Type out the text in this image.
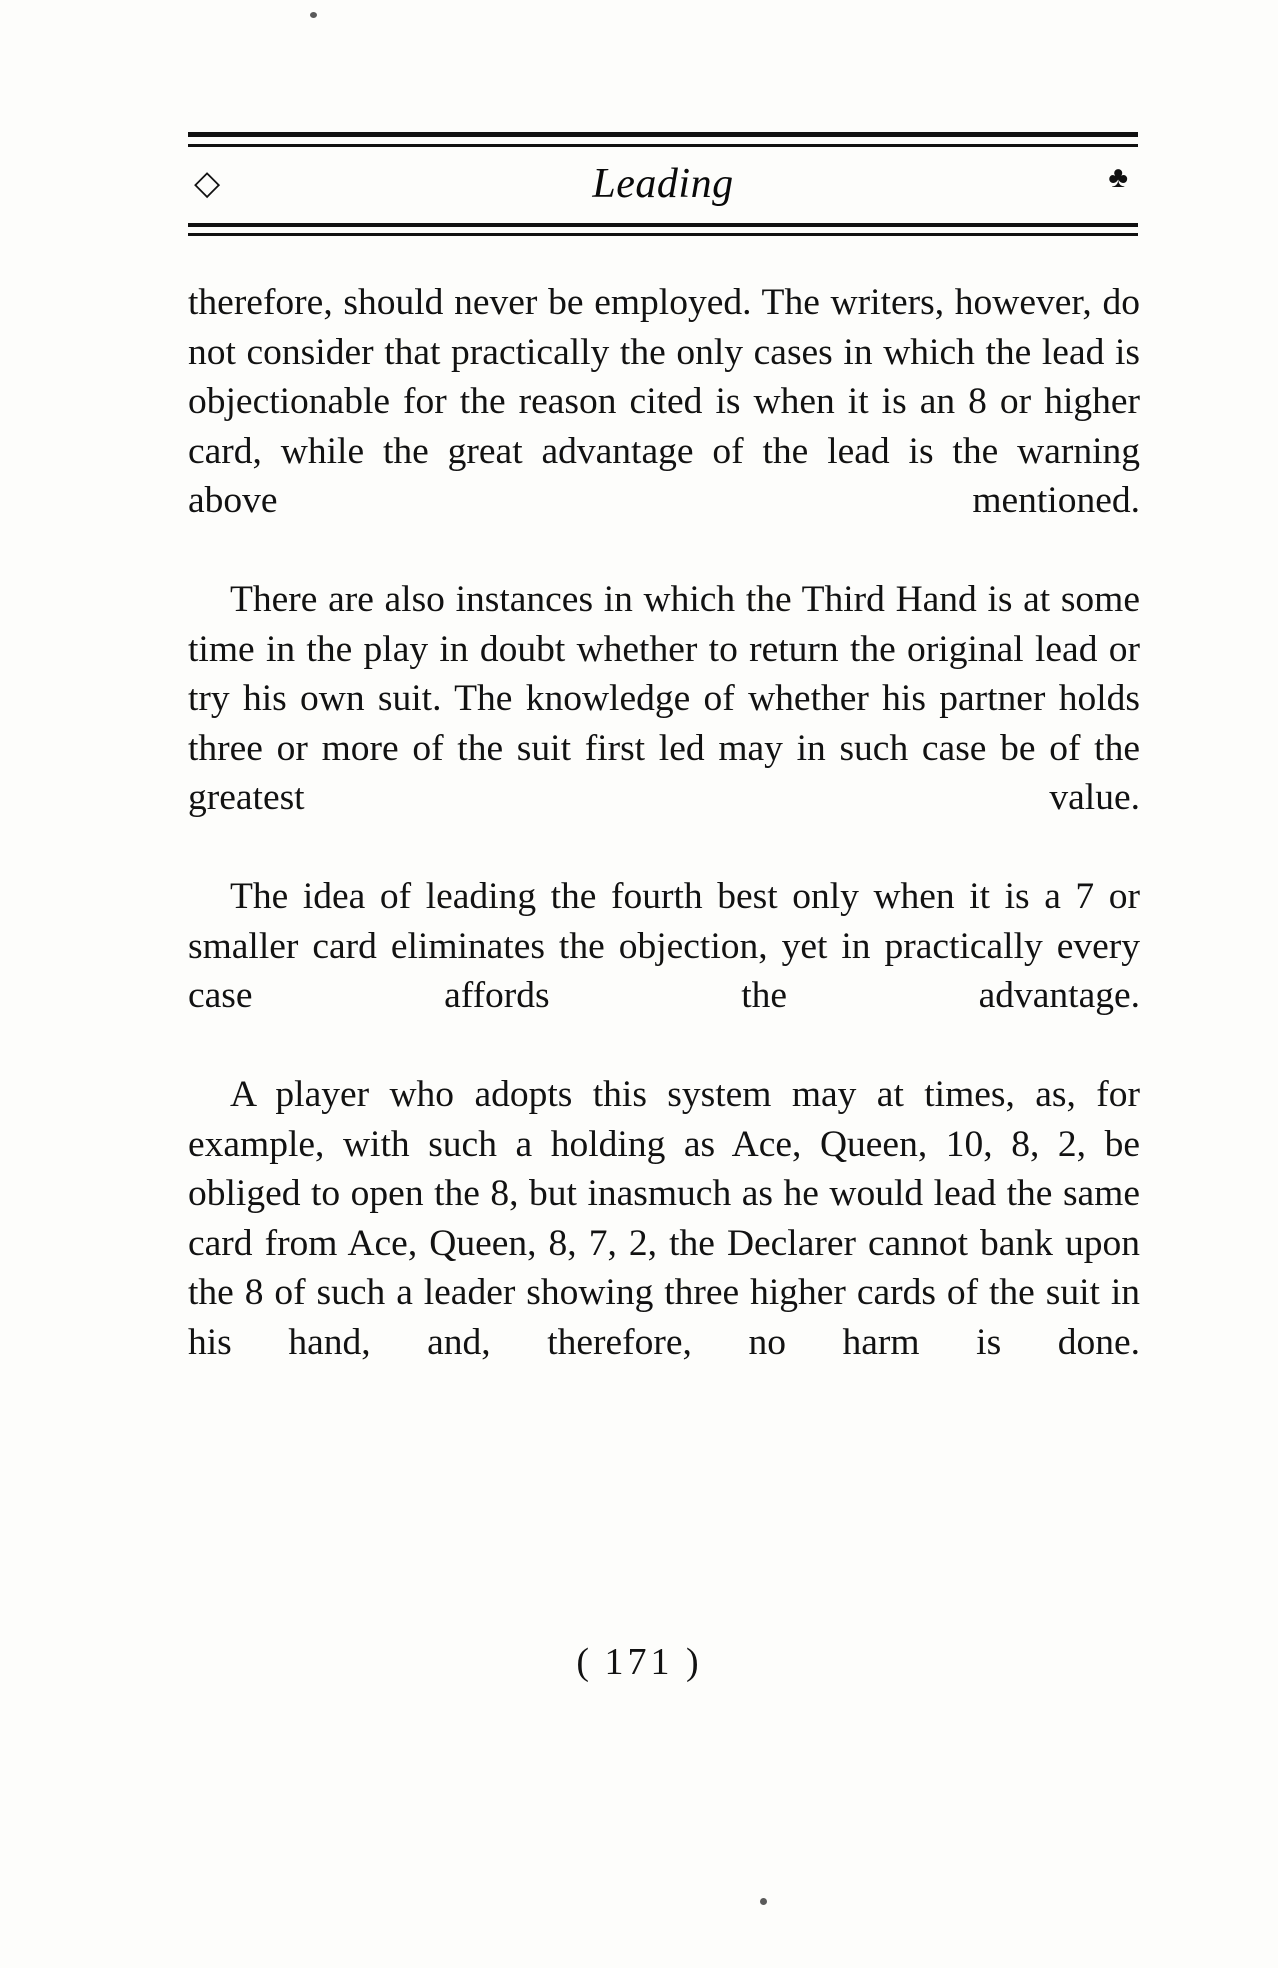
◇	Leading	♣

therefore, should never be employed. The writers, however, do not consider that practically the only cases in which the lead is objectionable for the reason cited is when it is an 8 or higher card, while the great advantage of the lead is the warning above mentioned.

There are also instances in which the Third Hand is at some time in the play in doubt whether to return the original lead or try his own suit. The knowledge of whether his partner holds three or more of the suit first led may in such case be of the greatest value.

The idea of leading the fourth best only when it is a 7 or smaller card eliminates the objection, yet in practically every case affords the advantage.

A player who adopts this system may at times, as, for example, with such a holding as Ace, Queen, 10, 8, 2, be obliged to open the 8, but inasmuch as he would lead the same card from Ace, Queen, 8, 7, 2, the Declarer cannot bank upon the 8 of such a leader showing three higher cards of the suit in his hand, and, therefore, no harm is done.

( 171 )
